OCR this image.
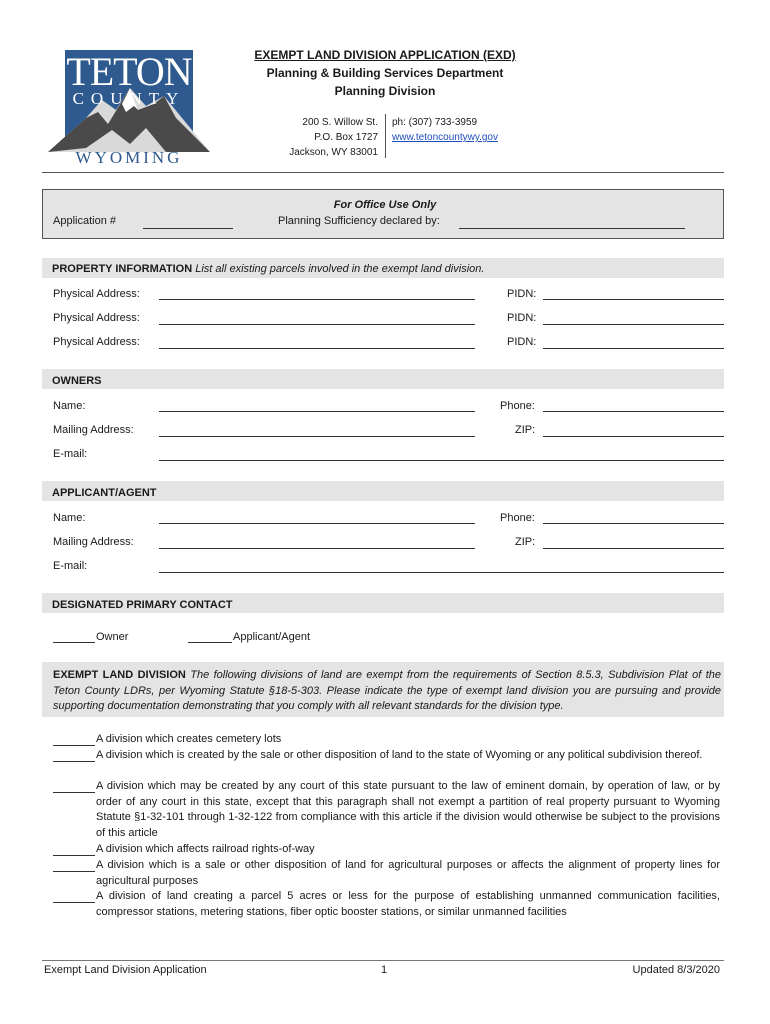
TETON
COUNTY
WYOMING
EXEMPT LAND DIVISION APPLICATION (EXD)
Planning & Building Services Department
Planning Division
200 S. Willow St.
P.O. Box 1727
Jackson, WY 83001
ph: (307) 733-3959
www.tetoncountywy.gov
For Office Use Only
Application #	Planning Sufficiency declared by:
PROPERTY INFORMATION List all existing parcels involved in the exempt land division.
Physical Address:	PIDN:
Physical Address:	PIDN:
Physical Address:	PIDN:
OWNERS
Name:	Phone:
Mailing Address:	ZIP:
E-mail:
APPLICANT/AGENT
Name:	Phone:
Mailing Address:	ZIP:
E-mail:
DESIGNATED PRIMARY CONTACT
Owner	Applicant/Agent
EXEMPT LAND DIVISION The following divisions of land are exempt from the requirements of Section 8.5.3, Subdivision Plat of the Teton County LDRs, per Wyoming Statute §18-5-303. Please indicate the type of exempt land division you are pursuing and provide supporting documentation demonstrating that you comply with all relevant standards for the division type.
A division which creates cemetery lots
A division which is created by the sale or other disposition of land to the state of Wyoming or any political subdivision thereof.
A division which may be created by any court of this state pursuant to the law of eminent domain, by operation of law, or by order of any court in this state, except that this paragraph shall not exempt a partition of real property pursuant to Wyoming Statute §1-32-101 through 1-32-122 from compliance with this article if the division would otherwise be subject to the provisions of this article
A division which affects railroad rights-of-way
A division which is a sale or other disposition of land for agricultural purposes or affects the alignment of property lines for agricultural purposes
A division of land creating a parcel 5 acres or less for the purpose of establishing unmanned communication facilities, compressor stations, metering stations, fiber optic booster stations, or similar unmanned facilities
Exempt Land Division Application	1	Updated 8/3/2020
